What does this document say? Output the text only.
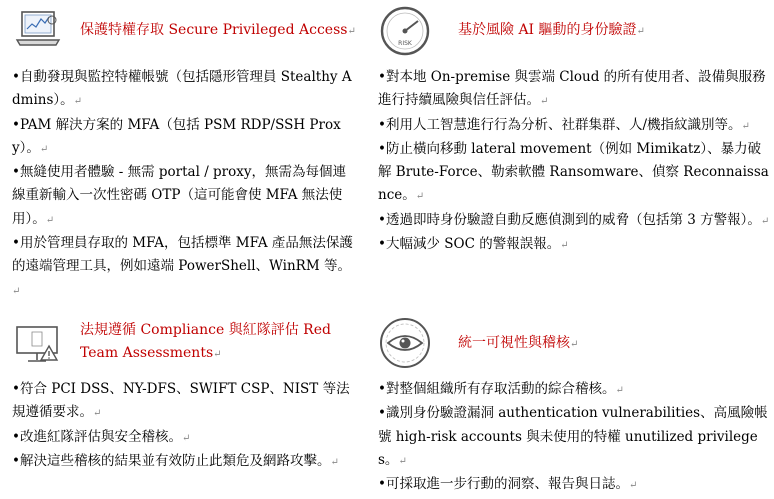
保護特權存取 Secure Privileged Access↵

•自動發現與監控特權帳號（包括隱形管理員 Stealthy Admins）。↵

•PAM 解決方案的 MFA（包括 PSM RDP/SSH Proxy）。↵

•無縫使用者體驗 - 無需 portal / proxy，無需為每個連線重新輸入一次性密碼 OTP（這可能會使 MFA 無法使用）。↵

•用於管理員存取的 MFA，包括標準 MFA 產品無法保護的遠端管理工具，例如遠端 PowerShell、WinRM 等。↵

RISK
基於風險 AI 驅動的身份驗證↵

•對本地 On-premise 與雲端 Cloud 的所有使用者、設備與服務進行持續風險與信任評估。↵

•利用人工智慧進行行為分析、社群集群、人/機指紋識別等。↵

•防止橫向移動 lateral movement（例如 Mimikatz）、暴力破解 Brute-Force、勒索軟體 Ransomware、偵察 Reconnaissance。↵

•透過即時身份驗證自動反應偵測到的威脅（包括第 3 方警報）。↵

•大幅減少 SOC 的警報誤報。↵

法規遵循 Compliance 與紅隊評估 Red Team Assessments↵

•符合 PCI DSS、NY-DFS、SWIFT CSP、NIST 等法規遵循要求。↵

•改進紅隊評估與安全稽核。↵

•解決這些稽核的結果並有效防止此類危及網路攻擊。↵

統一可視性與稽核↵

•對整個組織所有存取活動的綜合稽核。↵

•識別身份驗證漏洞 authentication vulnerabilities、高風險帳號 high-risk accounts 與未使用的特權 unutilized privileges。↵

•可採取進一步行動的洞察、報告與日誌。↵
